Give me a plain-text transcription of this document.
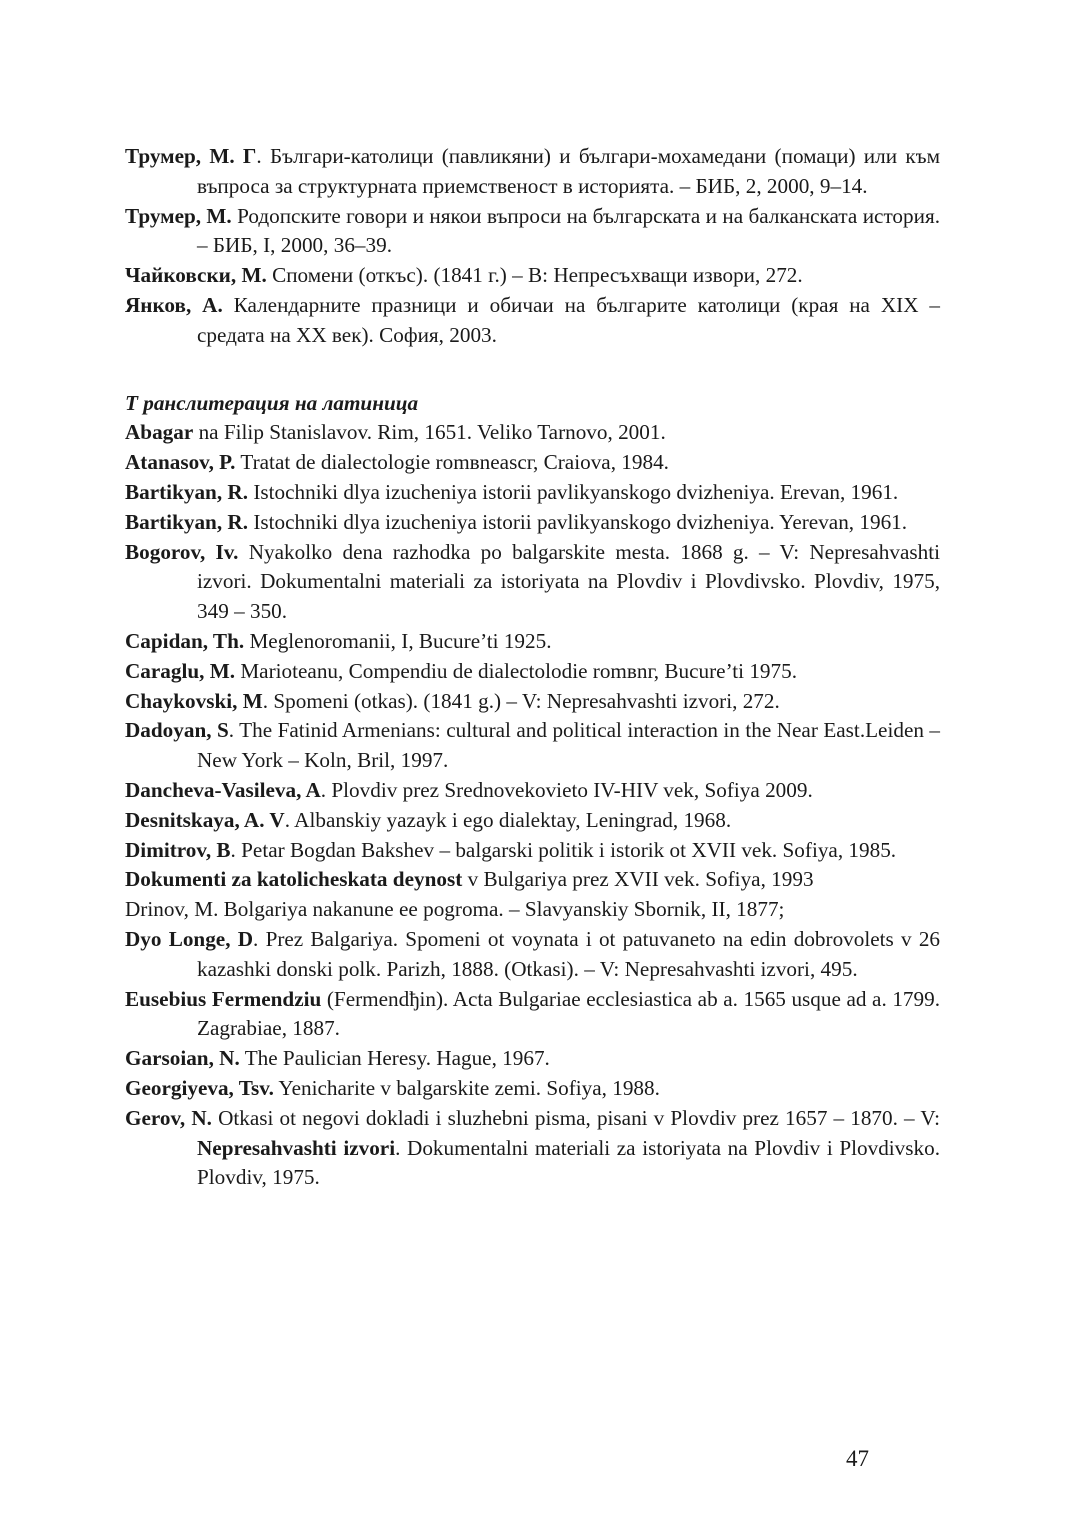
Трумер, М. Г. Българи-католици (павликяни) и българи-мохамедани (помаци) или към въпроса за структурната приемственост в историята. – БИБ, 2, 2000, 9–14.

Трумер, М. Родопските говори и някои въпроси на българската и на балканската история. – БИБ, I, 2000, 36–39.

Чайковски, М. Спомени (откъс). (1841 г.) – В: Непресъхващи извори, 272.

Янков, А. Календарните празници и обичаи на българите католици (края на XIX – средата на XX век). София, 2003.

Т ранслитерация на латиница

Abagar na Filip Stanislavov. Rim, 1651. Veliko Tarnovo, 2001.

Atanasov, P. Tratat de dialectologie romвneascг, Craiova, 1984.

Bartikyan, R. Istochniki dlya izucheniya istorii pavlikyanskogo dvizheniya. Erevan, 1961.

Bartikyan, R. Istochniki dlya izucheniya istorii pavlikyanskogo dvizheniya. Yerevan, 1961.

Bogorov, Iv. Nyakolko dena razhodka po balgarskite mesta. 1868 g. – V: Nepresahvashti izvori. Dokumentalni materiali za istoriyata na Plovdiv i Plovdivsko. Plovdiv, 1975, 349 – 350.

Capidan, Th. Meglenoromanii, I, Bucure’ti 1925.

Caraglu, M. Marioteanu, Compendiu de dialectolodie romвnг, Bucure’ti 1975.

Chaykovski, M. Spomeni (otkas). (1841 g.) – V: Nepresahvashti izvori, 272.

Dadoyan, S. The Fatinid Armenians: cultural and political interaction in the Near East.Leiden – New York – Koln, Bril, 1997.

Dancheva-Vasileva, A. Plovdiv prez Srednovekovieto IV-HIV vek, Sofiya 2009.

Desnitskaya, A. V. Albanskiy yazayk i ego dialektay, Leningrad, 1968.

Dimitrov, B. Petar Bogdan Bakshev – balgarski politik i istorik ot XVII vek. Sofiya, 1985.

Dokumenti za katolicheskata deynost v Bulgariya prez XVII vek. Sofiya, 1993

Drinov, M. Bolgariya nakanune ee pogroma. – Slavyanskiy Sbornik, II, 1877;

Dyo Longe, D. Prez Balgariya. Spomeni ot voynata i ot patuvaneto na edin dobrovolets v 26 kazashki donski polk. Parizh, 1888. (Otkasi). – V: Nepresahvashti izvori, 495.

Eusebius Fermendziu (Fermendђin). Acta Bulgariae ecclesiastica ab a. 1565 usque ad a. 1799. Zagrabiae, 1887.

Garsoian, N. The Paulician Heresy. Hague, 1967.

Georgiyeva, Tsv. Yenicharite v balgarskite zemi. Sofiya, 1988.

Gerov, N. Otkasi ot negovi dokladi i sluzhebni pisma, pisani v Plovdiv prez 1657 – 1870. – V: Nepresahvashti izvori. Dokumentalni materiali za istoriyata na Plovdiv i Plovdivsko. Plovdiv, 1975.

47
